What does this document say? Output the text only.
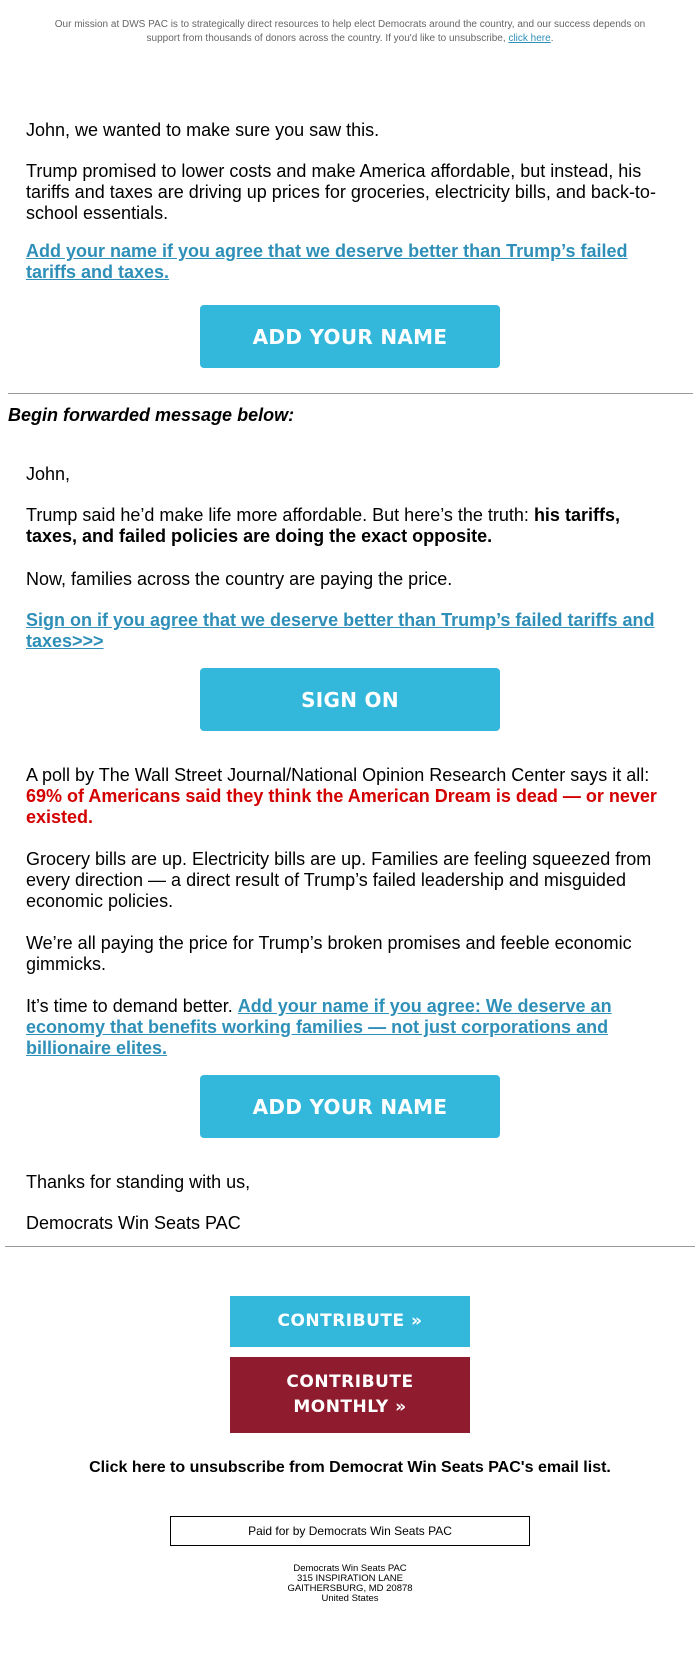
Our mission at DWS PAC is to strategically direct resources to help elect Democrats around the country, and our success depends on support from thousands of donors across the country. If you'd like to unsubscribe, click here.
John, we wanted to make sure you saw this.
Trump promised to lower costs and make America affordable, but instead, his tariffs and taxes are driving up prices for groceries, electricity bills, and back-to-school essentials.
Add your name if you agree that we deserve better than Trump’s failed tariffs and taxes.
ADD YOUR NAME
Begin forwarded message below:
John,
Trump said he’d make life more affordable. But here’s the truth: his tariffs, taxes, and failed policies are doing the exact opposite.
Now, families across the country are paying the price.
Sign on if you agree that we deserve better than Trump’s failed tariffs and taxes>>>
SIGN ON
A poll by The Wall Street Journal/National Opinion Research Center says it all: 69% of Americans said they think the American Dream is dead — or never existed.
Grocery bills are up. Electricity bills are up. Families are feeling squeezed from every direction — a direct result of Trump’s failed leadership and misguided economic policies.
We’re all paying the price for Trump’s broken promises and feeble economic gimmicks.
It’s time to demand better. Add your name if you agree: We deserve an economy that benefits working families — not just corporations and billionaire elites.
ADD YOUR NAME
Thanks for standing with us,
Democrats Win Seats PAC
CONTRIBUTE »
CONTRIBUTE
MONTHLY »
Click here to unsubscribe from Democrat Win Seats PAC's email list.
Paid for by Democrats Win Seats PAC
Democrats Win Seats PAC
315 INSPIRATION LANE
GAITHERSBURG, MD 20878
United States
